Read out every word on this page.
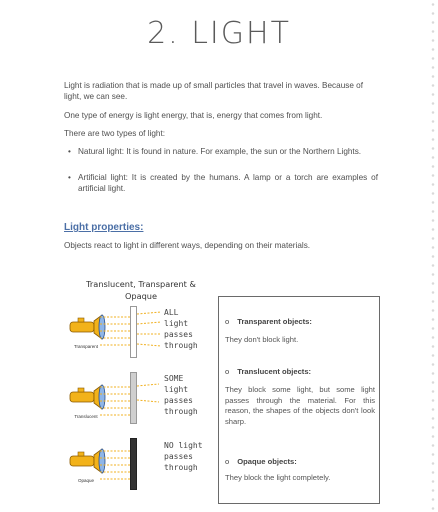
2. LIGHT
Light is radiation that is made up of small particles that travel in waves. Because of light, we can see.
One type of energy is light energy, that is, energy that comes from light.
There are two types of light:
• Natural light: It is found in nature. For example, the sun or the Northern Lights.
• Artificial light: It is created by the humans. A lamp or a torch are examples of artificial light.
Light properties:
Objects react to light in different ways, depending on their materials.
Translucent, Transparent &
Opaque
Transparent
ALL
light
passes
through
Translucent
SOME
light
passes
through
Opaque
NO light
passes
through
o Transparent objects:
They don't block light.
o Translucent objects:
They block some light, but some light passes through the material. For this reason, the shapes of the objects don't look sharp.
o Opaque objects:
They block the light completely.
